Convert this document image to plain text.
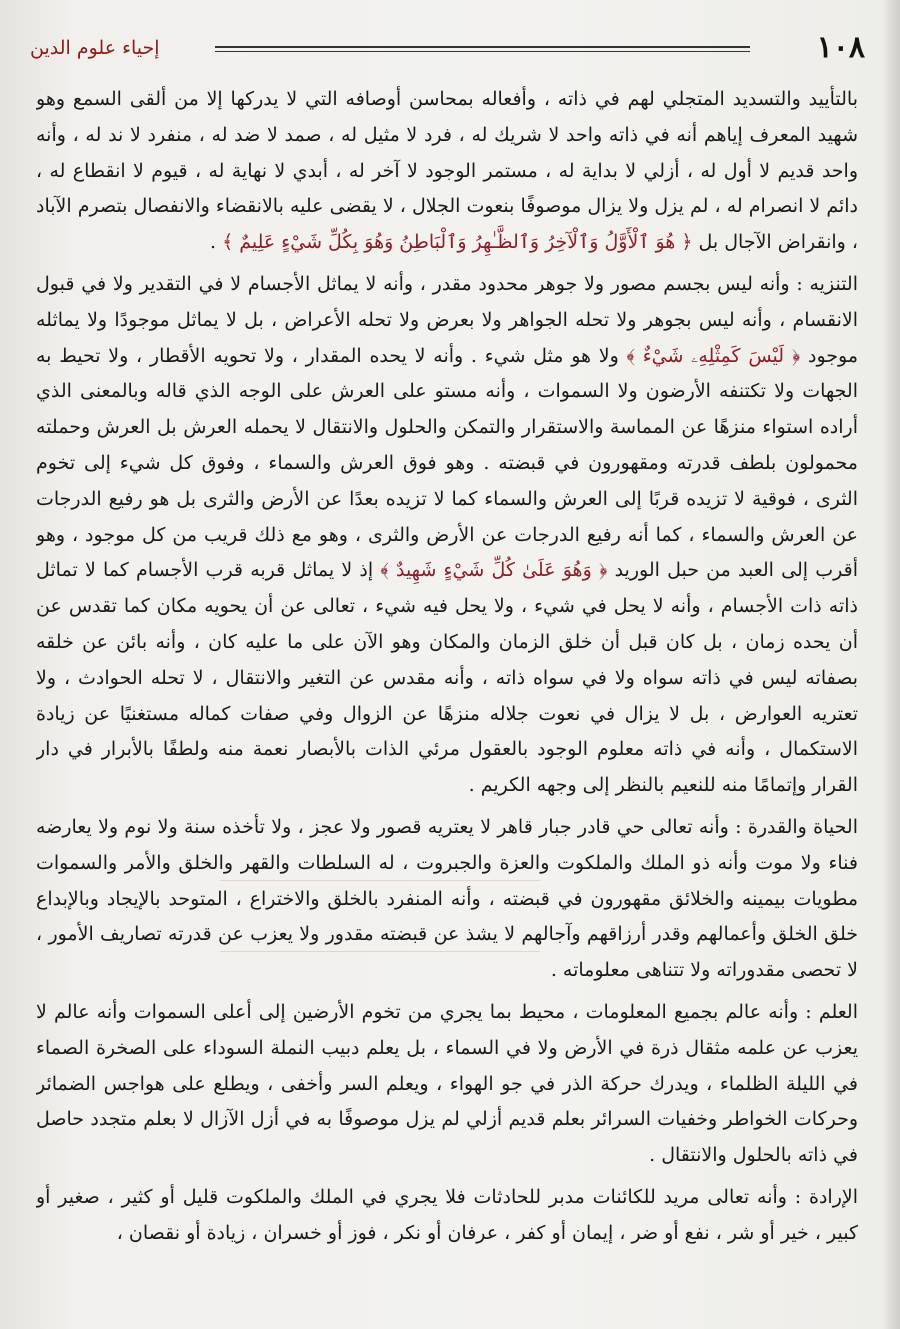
١٠٨
إحياء علوم الدين

بالتأييد والتسديد المتجلي لهم في ذاته ، وأفعاله بمحاسن أوصافه التي لا يدركها إلا من ألقى السمع وهو شهيد المعرف إياهم أنه في ذاته واحد لا شريك له ، فرد لا مثيل له ، صمد لا ضد له ، منفرد لا ند له ، وأنه واحد قديم لا أول له ، أزلي لا بداية له ، مستمر الوجود لا آخر له ، أبدي لا نهاية له ، قيوم لا انقطاع له ، دائم لا انصرام له ، لم يزل ولا يزال موصوفًا بنعوت الجلال ، لا يقضى عليه بالانقضاء والانفصال بتصرم الآباد ، وانقراض الآجال بل ﴿ هُوَ ٱلْأَوَّلُ وَٱلْآخِرُ وَٱلظَّـٰهِرُ وَٱلْبَاطِنُ وَهُوَ بِكُلِّ شَيْءٍ عَلِيمٌ ﴾ .

التنزيه : وأنه ليس بجسم مصور ولا جوهر محدود مقدر ، وأنه لا يماثل الأجسام لا في التقدير ولا في قبول الانقسام ، وأنه ليس بجوهر ولا تحله الجواهر ولا بعرض ولا تحله الأعراض ، بل لا يماثل موجودًا ولا يماثله موجود ﴿ لَيْسَ كَمِثْلِهِۦ شَيْءٌ ﴾ ولا هو مثل شيء . وأنه لا يحده المقدار ، ولا تحويه الأقطار ، ولا تحيط به الجهات ولا تكتنفه الأرضون ولا السموات ، وأنه مستو على العرش على الوجه الذي قاله وبالمعنى الذي أراده استواء منزهًا عن المماسة والاستقرار والتمكن والحلول والانتقال لا يحمله العرش بل العرش وحملته محمولون بلطف قدرته ومقهورون في قبضته . وهو فوق العرش والسماء ، وفوق كل شيء إلى تخوم الثرى ، فوقية لا تزيده قربًا إلى العرش والسماء كما لا تزيده بعدًا عن الأرض والثرى بل هو رفيع الدرجات عن العرش والسماء ، كما أنه رفيع الدرجات عن الأرض والثرى ، وهو مع ذلك قريب من كل موجود ، وهو أقرب إلى العبد من حبل الوريد ﴿ وَهُوَ عَلَىٰ كُلِّ شَيْءٍ شَهِيدٌ ﴾ إذ لا يماثل قربه قرب الأجسام كما لا تماثل ذاته ذات الأجسام ، وأنه لا يحل في شيء ، ولا يحل فيه شيء ، تعالى عن أن يحويه مكان كما تقدس عن أن يحده زمان ، بل كان قبل أن خلق الزمان والمكان وهو الآن على ما عليه كان ، وأنه بائن عن خلقه بصفاته ليس في ذاته سواه ولا في سواه ذاته ، وأنه مقدس عن التغير والانتقال ، لا تحله الحوادث ، ولا تعتريه العوارض ، بل لا يزال في نعوت جلاله منزهًا عن الزوال وفي صفات كماله مستغنيًا عن زيادة الاستكمال ، وأنه في ذاته معلوم الوجود بالعقول مرئي الذات بالأبصار نعمة منه ولطفًا بالأبرار في دار القرار وإتمامًا منه للنعيم بالنظر إلى وجهه الكريم .

الحياة والقدرة : وأنه تعالى حي قادر جبار قاهر لا يعتريه قصور ولا عجز ، ولا تأخذه سنة ولا نوم ولا يعارضه فناء ولا موت وأنه ذو الملك والملكوت والعزة والجبروت ، له السلطات والقهر والخلق والأمر والسموات مطويات بيمينه والخلائق مقهورون في قبضته ، وأنه المنفرد بالخلق والاختراع ، المتوحد بالإيجاد وبالإبداع خلق الخلق وأعمالهم وقدر أرزاقهم وآجالهم لا يشذ عن قبضته مقدور ولا يعزب عن قدرته تصاريف الأمور ، لا تحصى مقدوراته ولا تتناهى معلوماته .

العلم : وأنه عالم بجميع المعلومات ، محيط بما يجري من تخوم الأرضين إلى أعلى السموات وأنه عالم لا يعزب عن علمه مثقال ذرة في الأرض ولا في السماء ، بل يعلم دبيب النملة السوداء على الصخرة الصماء في الليلة الظلماء ، ويدرك حركة الذر في جو الهواء ، ويعلم السر وأخفى ، ويطلع على هواجس الضمائر وحركات الخواطر وخفيات السرائر بعلم قديم أزلي لم يزل موصوفًا به في أزل الآزال لا بعلم متجدد حاصل في ذاته بالحلول والانتقال .

الإرادة : وأنه تعالى مريد للكائنات مدبر للحادثات فلا يجري في الملك والملكوت قليل أو كثير ، صغير أو كبير ، خير أو شر ، نفع أو ضر ، إيمان أو كفر ، عرفان أو نكر ، فوز أو خسران ، زيادة أو نقصان ،
